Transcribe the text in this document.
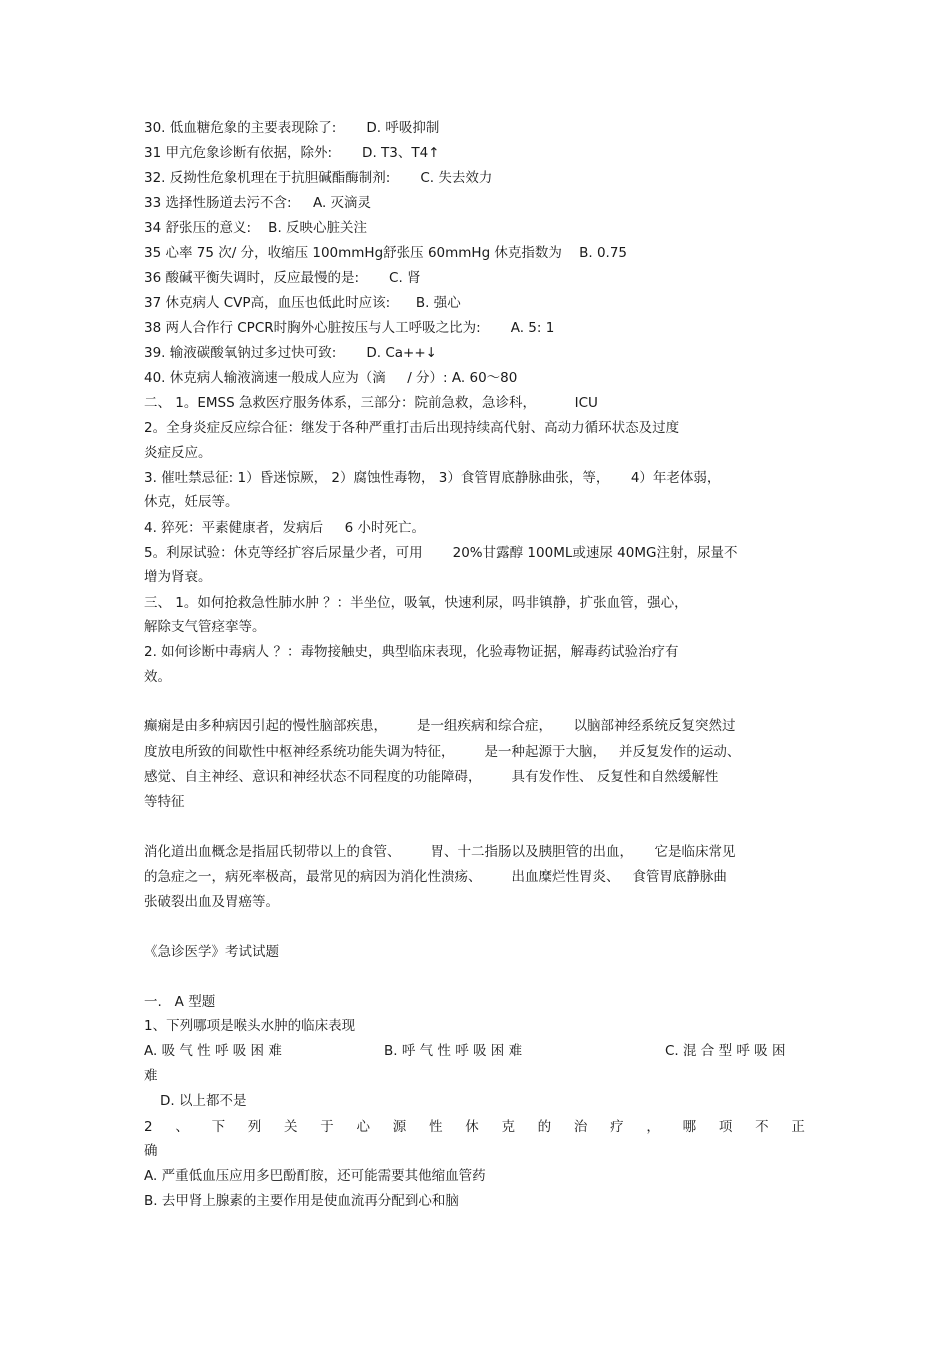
30. 低血糖危象的主要表现除了:       D. 呼吸抑制
31 甲亢危象诊断有依据，除外:       D. T3、T4↑
32. 反拗性危象机理在于抗胆碱酯酶制剂:       C. 失去效力
33 选择性肠道去污不含:     A. 灭滴灵
34 舒张压的意义:    B. 反映心脏关注
35 心率 75 次/ 分，收缩压 100mmHg舒张压 60mmHg 休克指数为    B. 0.75
36 酸碱平衡失调时，反应最慢的是:       C. 肾
37 休克病人 CVP高，血压也低此时应该:      B. 强心
38 两人合作行 CPCR时胸外心脏按压与人工呼吸之比为:       A. 5: 1
39. 输液碳酸氧钠过多过快可致:       D. Ca++↓
40. 休克病人输液滴速一般成人应为（滴     / 分）: A. 60～80
二、 1。EMSS 急救医疗服务体系，三部分：院前急救，急诊科，         ICU
2。全身炎症反应综合征：继发于各种严重打击后出现持续高代射、高动力循环状态及过度
炎症反应。
3. 催吐禁忌征: 1）昏迷惊厥， 2）腐蚀性毒物， 3）食管胃底静脉曲张，等，     4）年老体弱，
休克，妊辰等。
4. 猝死：平素健康者，发病后     6 小时死亡。
5。利尿试验：休克等经扩容后尿量少者，可用       20%甘露醇 100ML或速尿 40MG注射，尿量不
增为肾衰。
三、 1。如何抢救急性肺水肿 ？：半坐位，吸氧，快速利尿，吗非镇静，扩张血管，强心，
解除支气管痉挛等。
2. 如何诊断中毒病人 ？：毒物接触史，典型临床表现，化验毒物证据，解毒药试验治疗有
效。
癫痫是由多种病因引起的慢性脑部疾患，       是一组疾病和综合症，     以脑部神经系统反复突然过
度放电所致的间歇性中枢神经系统功能失调为特征，       是一种起源于大脑，   并反复发作的运动、
感觉、自主神经、意识和神经状态不同程度的功能障碍，       具有发作性、 反复性和自然缓解性
等特征
消化道出血概念是指屈氏韧带以上的食管、       胃、十二指肠以及胰胆管的出血，     它是临床常见
的急症之一，病死率极高，最常见的病因为消化性溃疡、       出血糜烂性胃炎、   食管胃底静脉曲
张破裂出血及胃癌等。
《急诊医学》考试试题
一.   A 型题
1、下列哪项是喉头水肿的临床表现
A. 吸 气 性 呼 吸 困 难	B. 呼 气 性 呼 吸 困 难	C. 混 合 型 呼 吸 困
难
D. 以上都不是
2 、 下 列 关 于 心 源 性 休 克 的 治 疗 ， 哪 项 不 正
确
A. 严重低血压应用多巴酚酊胺，还可能需要其他缩血管药
B. 去甲肾上腺素的主要作用是使血流再分配到心和脑
